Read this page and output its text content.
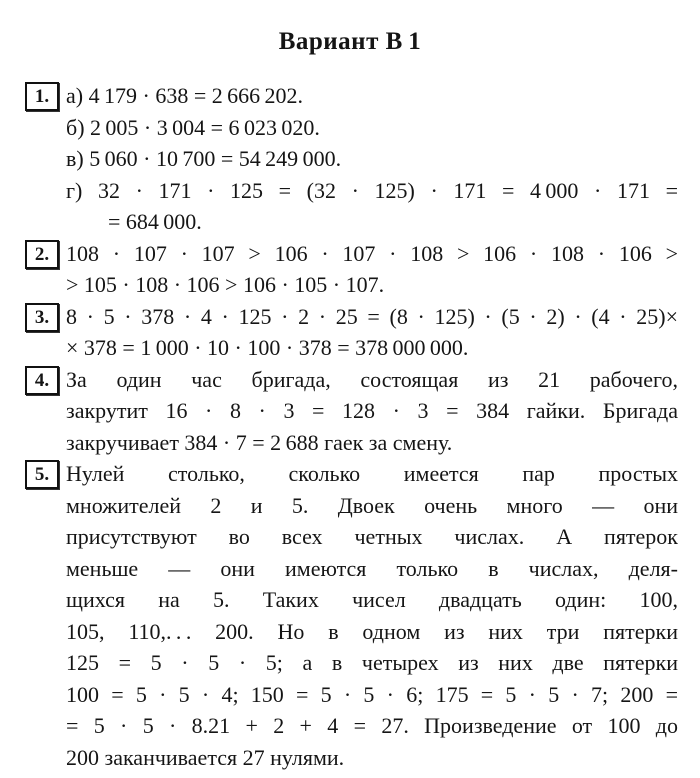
Вариант В 1
1. а) 4 179 · 638 = 2 666 202.
б) 2 005 · 3 004 = 6 023 020.
в) 5 060 · 10 700 = 54 249 000.
г) 32 · 171 · 125 = (32 · 125) · 171 = 4 000 · 171 =
= 684 000.
2. 108 · 107 · 107 > 106 · 107 · 108 > 106 · 108 · 106 >
> 105 · 108 · 106 > 106 · 105 · 107.
3. 8 · 5 · 378 · 4 · 125 · 2 · 25 = (8 · 125) · (5 · 2) · (4 · 25)×
× 378 = 1 000 · 10 · 100 · 378 = 378 000 000.
4. За один час бригада, состоящая из 21 рабочего,
закрутит 16 · 8 · 3 = 128 · 3 = 384 гайки. Бригада
закручивает 384 · 7 = 2 688 гаек за смену.
5. Нулей столько, сколько имеется пар простых
множителей 2 и 5. Двоек очень много — они
присутствуют во всех четных числах. А пятерок
меньше — они имеются только в числах, деля-
щихся на 5. Таких чисел двадцать один: 100,
105, 110,. . . 200. Но в одном из них три пятерки
125 = 5 · 5 · 5; а в четырех из них две пятерки
100 = 5 · 5 · 4; 150 = 5 · 5 · 6; 175 = 5 · 5 · 7; 200 =
= 5 · 5 · 8.21 + 2 + 4 = 27. Произведение от 100 до
200 заканчивается 27 нулями.
